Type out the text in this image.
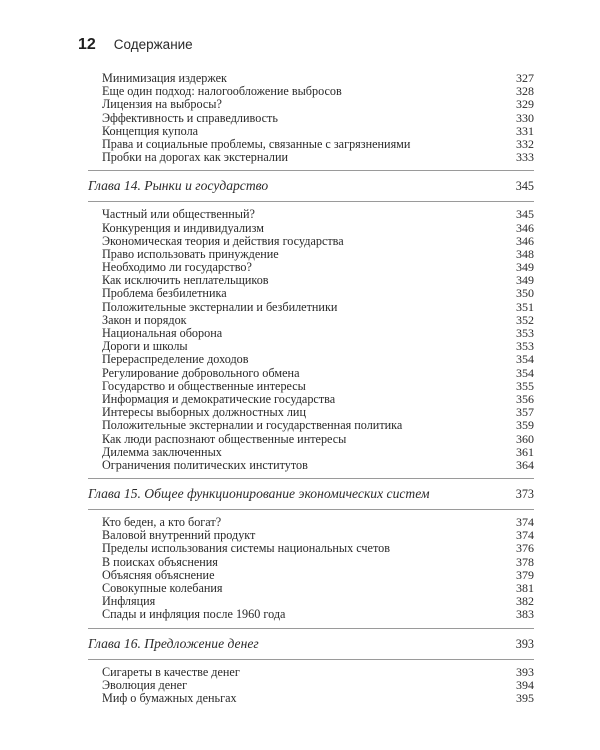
12 Содержание
Минимизация издержек	327
Еще один подход: налогообложение выбросов	328
Лицензия на выбросы?	329
Эффективность и справедливость	330
Концепция купола	331
Права и социальные проблемы, связанные с загрязнениями	332
Пробки на дорогах как экстерналии	333
Глава 14. Рынки и государство	345
Частный или общественный?	345
Конкуренция и индивидуализм	346
Экономическая теория и действия государства	346
Право использовать принуждение	348
Необходимо ли государство?	349
Как исключить неплательщиков	349
Проблема безбилетника	350
Положительные экстерналии и безбилетники	351
Закон и порядок	352
Национальная оборона	353
Дороги и школы	353
Перераспределение доходов	354
Регулирование добровольного обмена	354
Государство и общественные интересы	355
Информация и демократические государства	356
Интересы выборных должностных лиц	357
Положительные экстерналии и государственная политика	359
Как люди распознают общественные интересы	360
Дилемма заключенных	361
Ограничения политических институтов	364
Глава 15. Общее функционирование экономических систем	373
Кто беден, а кто богат?	374
Валовой внутренний продукт	374
Пределы использования системы национальных счетов	376
В поисках объяснения	378
Объясняя объяснение	379
Совокупные колебания	381
Инфляция	382
Спады и инфляция после 1960 года	383
Глава 16. Предложение денег	393
Сигареты в качестве денег	393
Эволюция денег	394
Миф о бумажных деньгах	395
